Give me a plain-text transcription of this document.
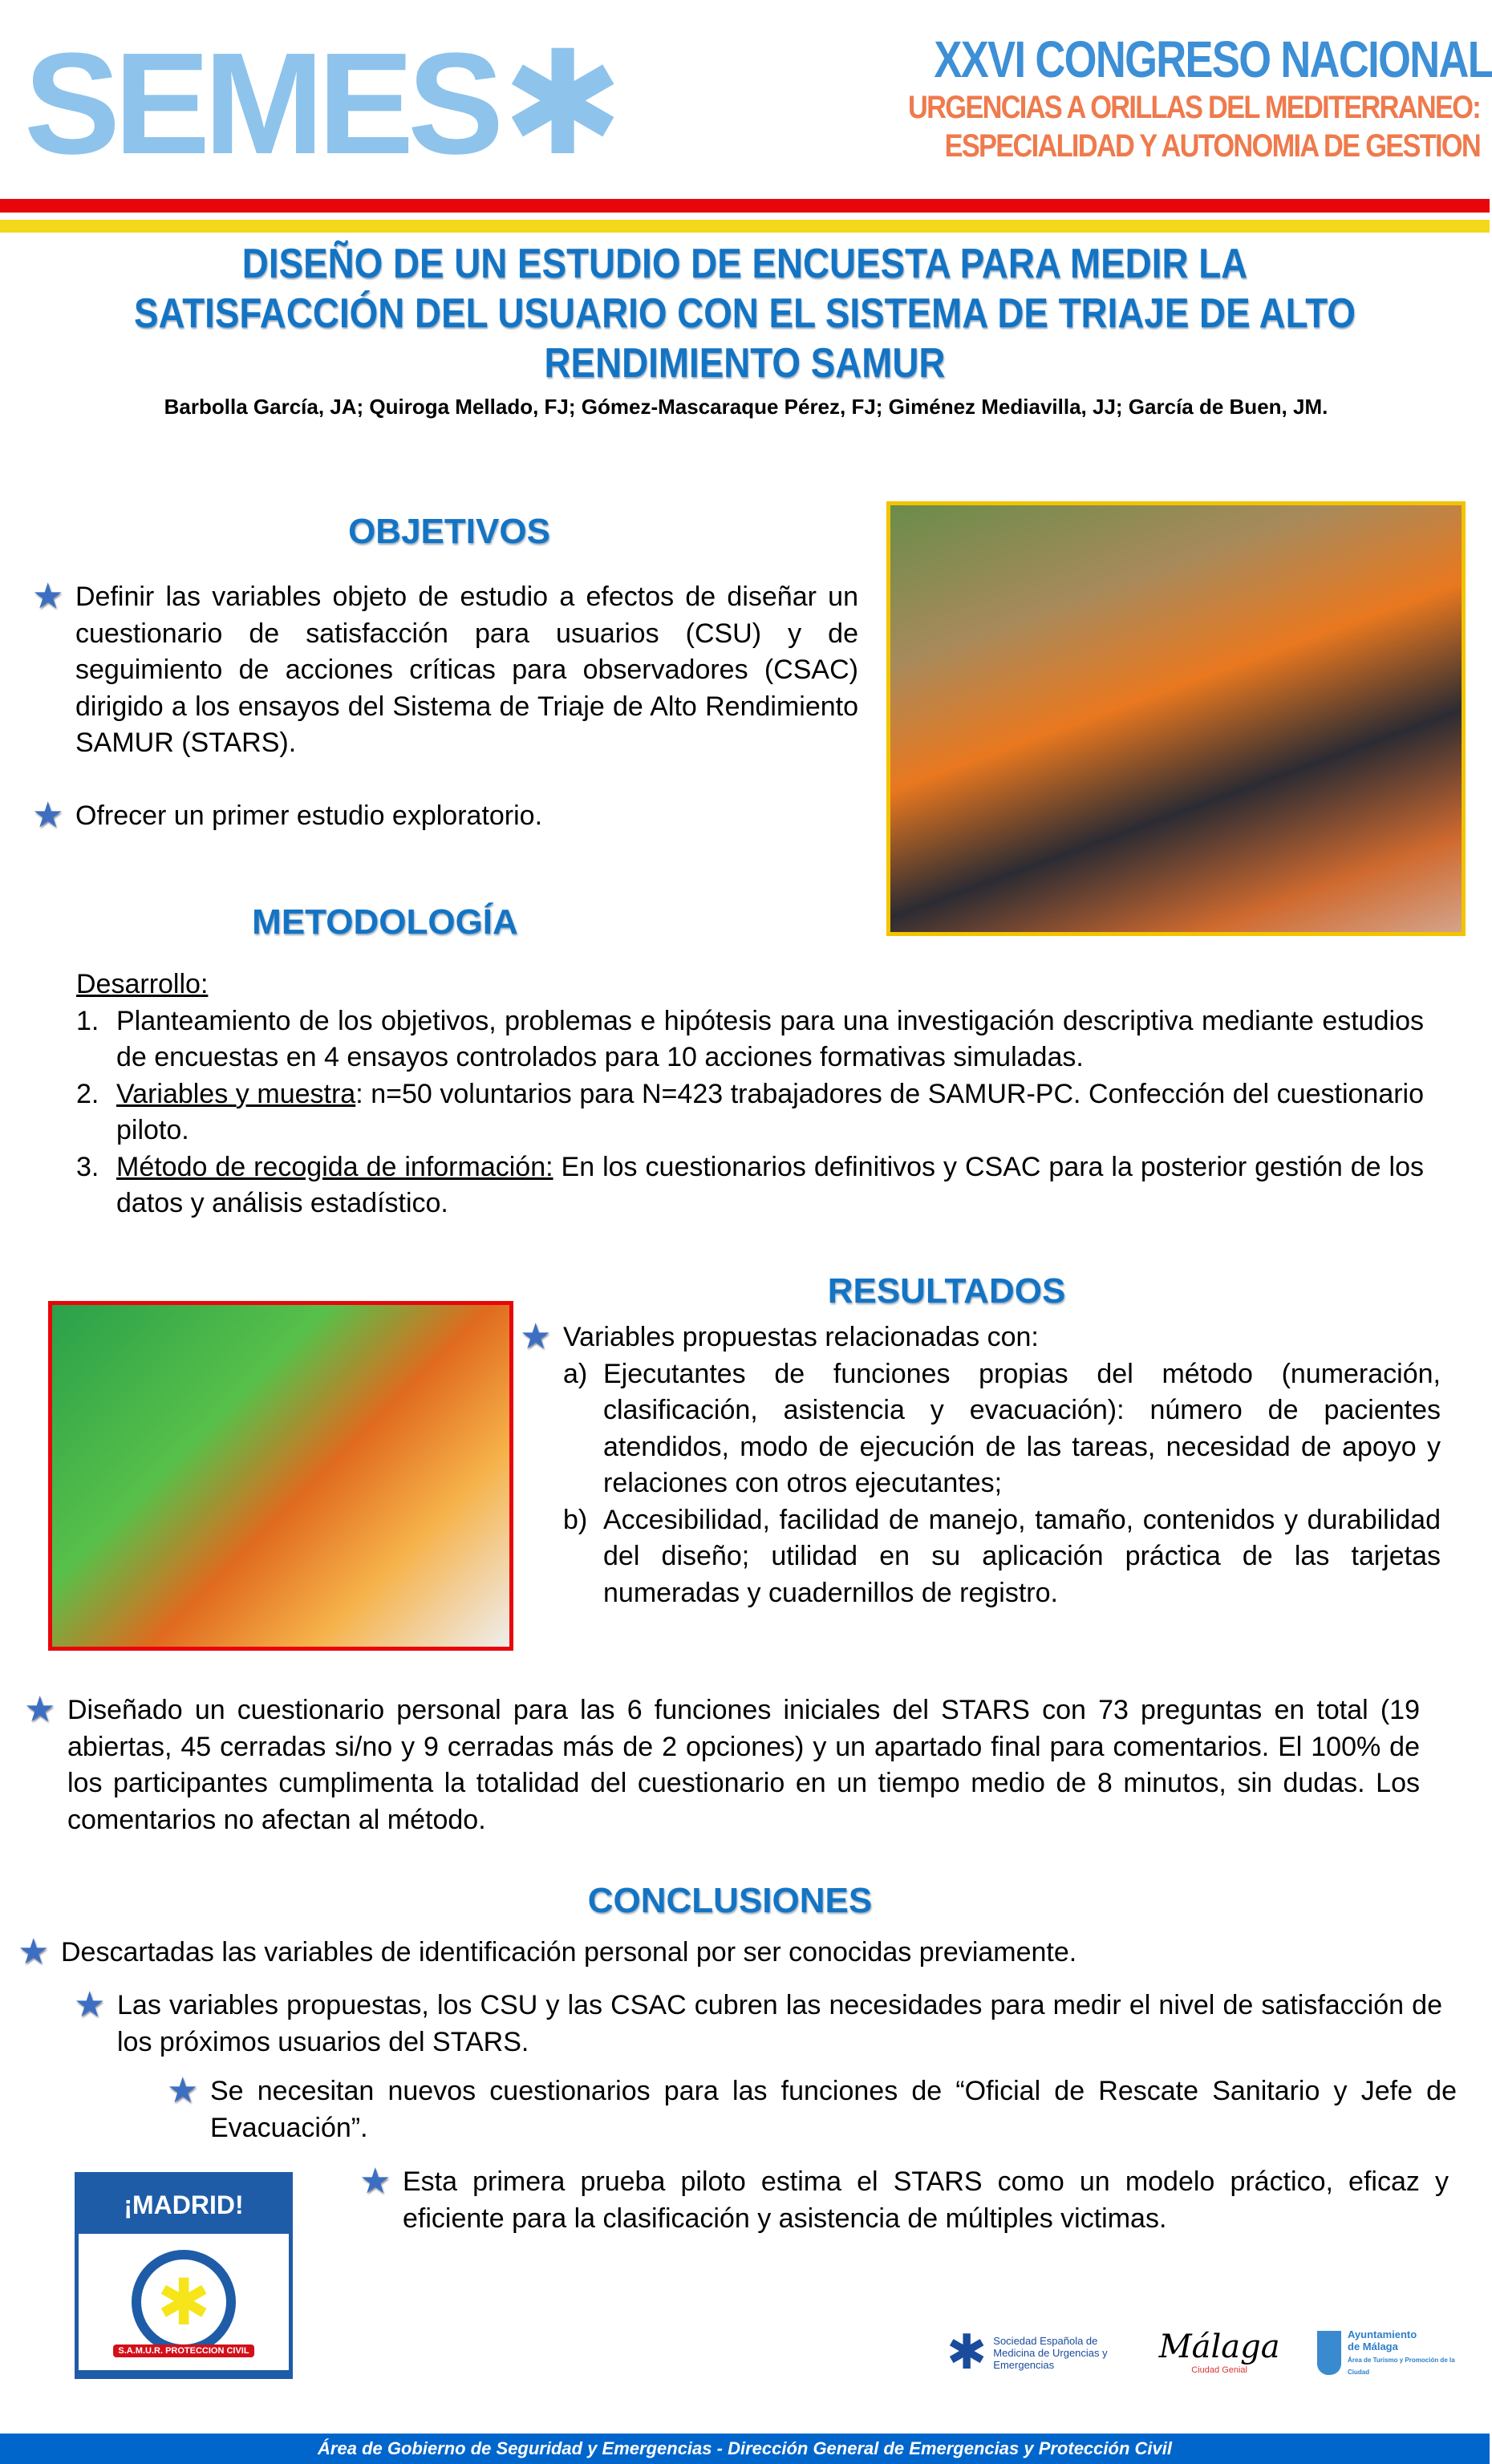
SEMES ✱	XXVI CONGRESO NACIONAL
URGENCIAS A ORILLAS DEL MEDITERRANEO:
ESPECIALIDAD Y AUTONOMIA DE GESTION
DISEÑO DE UN ESTUDIO DE ENCUESTA PARA MEDIR LA
SATISFACCIÓN DEL USUARIO CON EL SISTEMA DE TRIAJE DE ALTO
RENDIMIENTO SAMUR
Barbolla García, JA; Quiroga Mellado, FJ; Gómez-Mascaraque Pérez, FJ; Giménez Mediavilla, JJ; García de Buen, JM.
OBJETIVOS
★ Definir las variables objeto de estudio a efectos de diseñar un cuestionario de satisfacción para usuarios (CSU) y de seguimiento de acciones críticas para observadores (CSAC) dirigido a los ensayos del Sistema de Triaje de Alto Rendimiento SAMUR (STARS).
★ Ofrecer un primer estudio exploratorio.
METODOLOGÍA
Desarrollo:
1. Planteamiento de los objetivos, problemas e hipótesis para una investigación descriptiva mediante estudios de encuestas en 4 ensayos controlados para 10 acciones formativas simuladas.
2. Variables y muestra: n=50 voluntarios para N=423 trabajadores de SAMUR-PC. Confección del cuestionario piloto.
3. Método de recogida de información: En los cuestionarios definitivos y CSAC para la posterior gestión de los datos y análisis estadístico.
RESULTADOS
★ Variables propuestas relacionadas con:
a) Ejecutantes de funciones propias del método (numeración, clasificación, asistencia y evacuación): número de pacientes atendidos, modo de ejecución de las tareas, necesidad de apoyo y relaciones con otros ejecutantes;
b) Accesibilidad, facilidad de manejo, tamaño, contenidos y durabilidad del diseño; utilidad en su aplicación práctica de las tarjetas numeradas y cuadernillos de registro.
★ Diseñado un cuestionario personal para las 6 funciones iniciales del STARS con 73 preguntas en total (19 abiertas, 45 cerradas si/no y 9 cerradas más de 2 opciones) y un apartado final para comentarios. El 100% de los participantes cumplimenta la totalidad del cuestionario en un tiempo medio de 8 minutos, sin dudas. Los comentarios no afectan al método.
CONCLUSIONES
★ Descartadas las variables de identificación personal por ser conocidas previamente.
★ Las variables propuestas, los CSU y las CSAC cubren las necesidades para medir el nivel de satisfacción de los próximos usuarios del STARS.
★ Se necesitan nuevos cuestionarios para las funciones de “Oficial de Rescate Sanitario y Jefe de Evacuación”.
★ Esta primera prueba piloto estima el STARS como un modelo práctico, eficaz y eficiente para la clasificación y asistencia de múltiples victimas.
¡MADRID!
✱
S.A.M.U.R. PROTECCION CIVIL	✱ Sociedad Española de Medicina de Urgencias y Emergencias	Málaga
Ciudad Genial
Ayuntamiento
de Málaga
Área de Turismo y Promoción de la Ciudad
Área de Gobierno de Seguridad y Emergencias - Dirección General de Emergencias y Protección Civil
